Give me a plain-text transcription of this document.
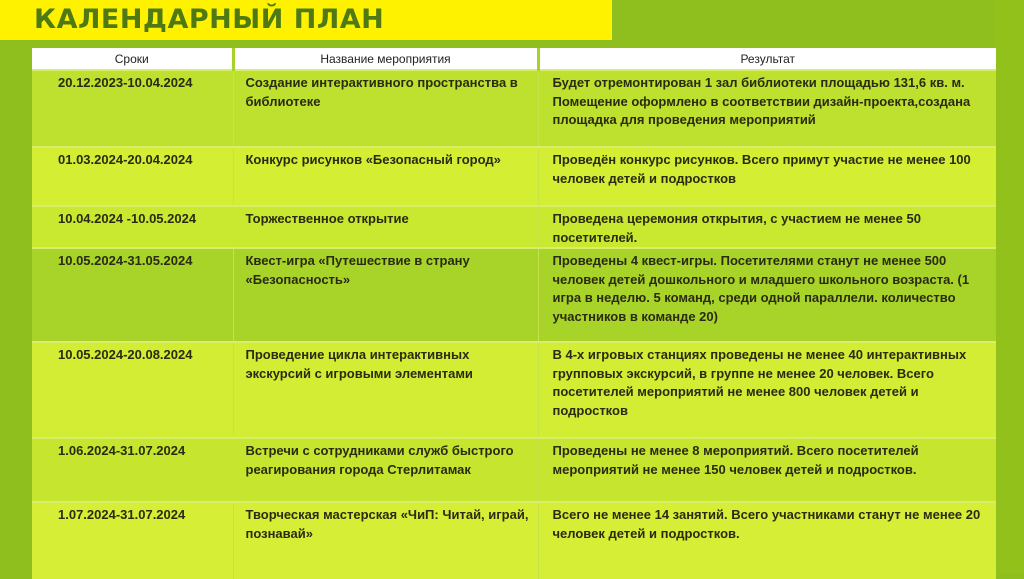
КАЛЕНДАРНЫЙ ПЛАН
Сроки	Название мероприятия	Результат
20.12.2023-10.04.2024	Создание интерактивного пространства в библиотеке	Будет отремонтирован 1 зал библиотеки площадью 131,6 кв. м. Помещение оформлено в соответствии дизайн-проекта,создана площадка для проведения мероприятий
01.03.2024-20.04.2024	Конкурс рисунков «Безопасный город»	Проведён конкурс рисунков. Всего примут участие не менее 100 человек детей и подростков
10.04.2024 -10.05.2024	Торжественное открытие	Проведена церемония открытия, с участием не менее 50 посетителей.
10.05.2024-31.05.2024	Квест-игра «Путешествие в страну «Безопасность»	Проведены 4 квест-игры. Посетителями станут не менее 500 человек детей дошкольного и младшего школьного возраста. (1 игра в неделю. 5 команд, среди одной параллели. количество участников в команде 20)
10.05.2024-20.08.2024	Проведение цикла интерактивных экскурсий с игровыми элементами	В 4-х игровых станциях проведены не менее 40 интерактивных групповых экскурсий, в группе не менее 20 человек. Всего посетителей мероприятий не менее 800 человек детей и подростков
1.06.2024-31.07.2024	Встречи с сотрудниками служб быстрого реагирования города Стерлитамак	Проведены не менее 8 мероприятий. Всего посетителей мероприятий не менее 150 человек детей и подростков.
1.07.2024-31.07.2024	Творческая мастерская «ЧиП: Читай, играй, познавай»	Всего не менее 14 занятий. Всего участниками станут не менее 20 человек детей и подростков.
